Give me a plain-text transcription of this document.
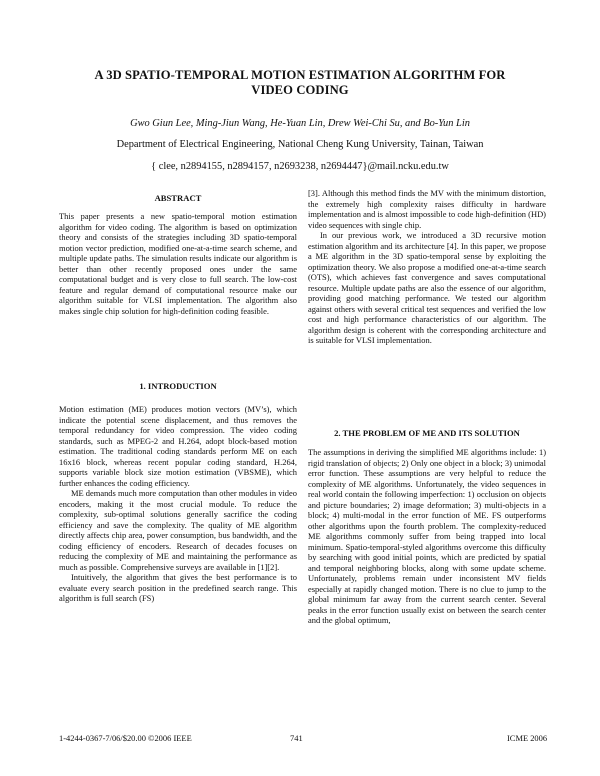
A 3D SPATIO-TEMPORAL MOTION ESTIMATION ALGORITHM FOR
VIDEO CODING
Gwo Giun Lee, Ming-Jiun Wang, He-Yuan Lin, Drew Wei-Chi Su, and Bo-Yun Lin
Department of Electrical Engineering, National Cheng Kung University, Tainan, Taiwan
{ clee, n2894155, n2894157, n2693238, n2694447}@mail.ncku.edu.tw
ABSTRACT

This paper presents a new spatio-temporal motion estimation algorithm for video coding. The algorithm is based on optimization theory and consists of the strategies including 3D spatio-temporal motion vector prediction, modified one-at-a-time search scheme, and multiple update paths. The simulation results indicate our algorithm is better than other recently proposed ones under the same computational budget and is very close to full search. The low-cost feature and regular demand of computational resource make our algorithm suitable for VLSI implementation. The algorithm also makes single chip solution for high-definition coding feasible.

1. INTRODUCTION

Motion estimation (ME) produces motion vectors (MV’s), which indicate the potential scene displacement, and thus removes the temporal redundancy for video compression. The video coding standards, such as MPEG-2 and H.264, adopt block-based motion estimation. The traditional coding standards perform ME on each 16x16 block, whereas recent popular coding standard, H.264, supports variable block size motion estimation (VBSME), which further enhances the coding efficiency.

ME demands much more computation than other modules in video encoders, making it the most crucial module. To reduce the complexity, sub-optimal solutions generally sacrifice the coding efficiency and save the complexity. The quality of ME algorithm directly affects chip area, power consumption, bus bandwidth, and the coding efficiency of encoders. Research of decades focuses on reducing the complexity of ME and maintaining the performance as much as possible. Comprehensive surveys are available in [1][2].

Intuitively, the algorithm that gives the best performance is to evaluate every search position in the predefined search range. This algorithm is full search (FS)

[3]. Although this method finds the MV with the minimum distortion, the extremely high complexity raises difficulty in hardware implementation and is almost impossible to code high-definition (HD) video sequences with single chip.

In our previous work, we introduced a 3D recursive motion estimation algorithm and its architecture [4]. In this paper, we propose a ME algorithm in the 3D spatio-temporal sense by exploiting the optimization theory. We also propose a modified one-at-a-time search (OTS), which achieves fast convergence and saves computational resource. Multiple update paths are also the essence of our algorithm, providing good matching performance. We tested our algorithm against others with several critical test sequences and verified the low cost and high performance characteristics of our algorithm. The algorithm design is coherent with the corresponding architecture and is suitable for VLSI implementation.

2. THE PROBLEM OF ME AND ITS SOLUTION

The assumptions in deriving the simplified ME algorithms include: 1) rigid translation of objects; 2) Only one object in a block; 3) unimodal error function. These assumptions are very helpful to reduce the complexity of ME algorithms. Unfortunately, the video sequences in real world contain the following imperfection: 1) occlusion on objects and picture boundaries; 2) image deformation; 3) multi-objects in a block; 4) multi-modal in the error function of ME. FS outperforms other algorithms upon the fourth problem. The complexity-reduced ME algorithms commonly suffer from being trapped into local minimum. Spatio-temporal-styled algorithms overcome this difficulty by searching with good initial points, which are predicted by spatial and temporal neighboring blocks, along with some update scheme. Unfortunately, problems remain under inconsistent MV fields especially at rapidly changed motion. There is no clue to jump to the global minimum far away from the current search center. Several peaks in the error function usually exist on between the search center and the global optimum,

1-4244-0367-7/06/$20.00 ©2006 IEEE	741	ICME 2006
